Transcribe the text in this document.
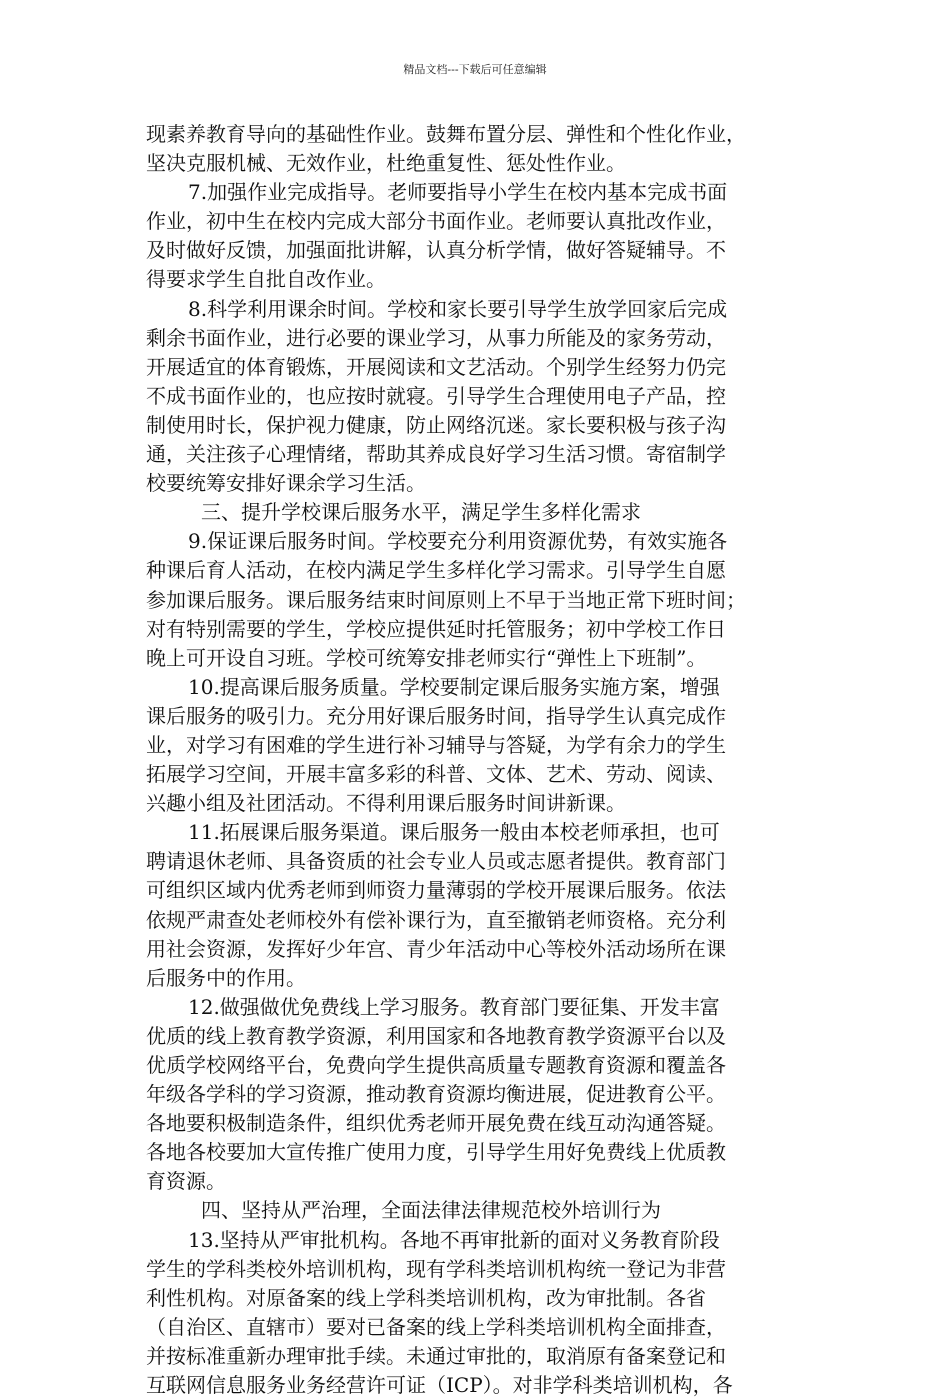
精品文档---下载后可任意编辑
现素养教育导向的基础性作业。鼓舞布置分层、弹性和个性化作业，
坚决克服机械、无效作业，杜绝重复性、惩处性作业。
7.加强作业完成指导。老师要指导小学生在校内基本完成书面
作业，初中生在校内完成大部分书面作业。老师要认真批改作业，
及时做好反馈，加强面批讲解，认真分析学情，做好答疑辅导。不
得要求学生自批自改作业。
8.科学利用课余时间。学校和家长要引导学生放学回家后完成
剩余书面作业，进行必要的课业学习，从事力所能及的家务劳动，
开展适宜的体育锻炼，开展阅读和文艺活动。个别学生经努力仍完
不成书面作业的，也应按时就寝。引导学生合理使用电子产品，控
制使用时长，保护视力健康，防止网络沉迷。家长要积极与孩子沟
通，关注孩子心理情绪，帮助其养成良好学习生活习惯。寄宿制学
校要统筹安排好课余学习生活。
三、提升学校课后服务水平，满足学生多样化需求
9.保证课后服务时间。学校要充分利用资源优势，有效实施各
种课后育人活动，在校内满足学生多样化学习需求。引导学生自愿
参加课后服务。课后服务结束时间原则上不早于当地正常下班时间；
对有特别需要的学生，学校应提供延时托管服务；初中学校工作日
晚上可开设自习班。学校可统筹安排老师实行“弹性上下班制”。
10.提高课后服务质量。学校要制定课后服务实施方案，增强
课后服务的吸引力。充分用好课后服务时间，指导学生认真完成作
业，对学习有困难的学生进行补习辅导与答疑，为学有余力的学生
拓展学习空间，开展丰富多彩的科普、文体、艺术、劳动、阅读、
兴趣小组及社团活动。不得利用课后服务时间讲新课。
11.拓展课后服务渠道。课后服务一般由本校老师承担，也可
聘请退休老师、具备资质的社会专业人员或志愿者提供。教育部门
可组织区域内优秀老师到师资力量薄弱的学校开展课后服务。依法
依规严肃查处老师校外有偿补课行为，直至撤销老师资格。充分利
用社会资源，发挥好少年宫、青少年活动中心等校外活动场所在课
后服务中的作用。
12.做强做优免费线上学习服务。教育部门要征集、开发丰富
优质的线上教育教学资源，利用国家和各地教育教学资源平台以及
优质学校网络平台，免费向学生提供高质量专题教育资源和覆盖各
年级各学科的学习资源，推动教育资源均衡进展，促进教育公平。
各地要积极制造条件，组织优秀老师开展免费在线互动沟通答疑。
各地各校要加大宣传推广使用力度，引导学生用好免费线上优质教
育资源。
四、坚持从严治理，全面法律法律规范校外培训行为
13.坚持从严审批机构。各地不再审批新的面对义务教育阶段
学生的学科类校外培训机构，现有学科类培训机构统一登记为非营
利性机构。对原备案的线上学科类培训机构，改为审批制。各省
（自治区、直辖市）要对已备案的线上学科类培训机构全面排查，
并按标准重新办理审批手续。未通过审批的，取消原有备案登记和
互联网信息服务业务经营许可证（ICP）。对非学科类培训机构，各
